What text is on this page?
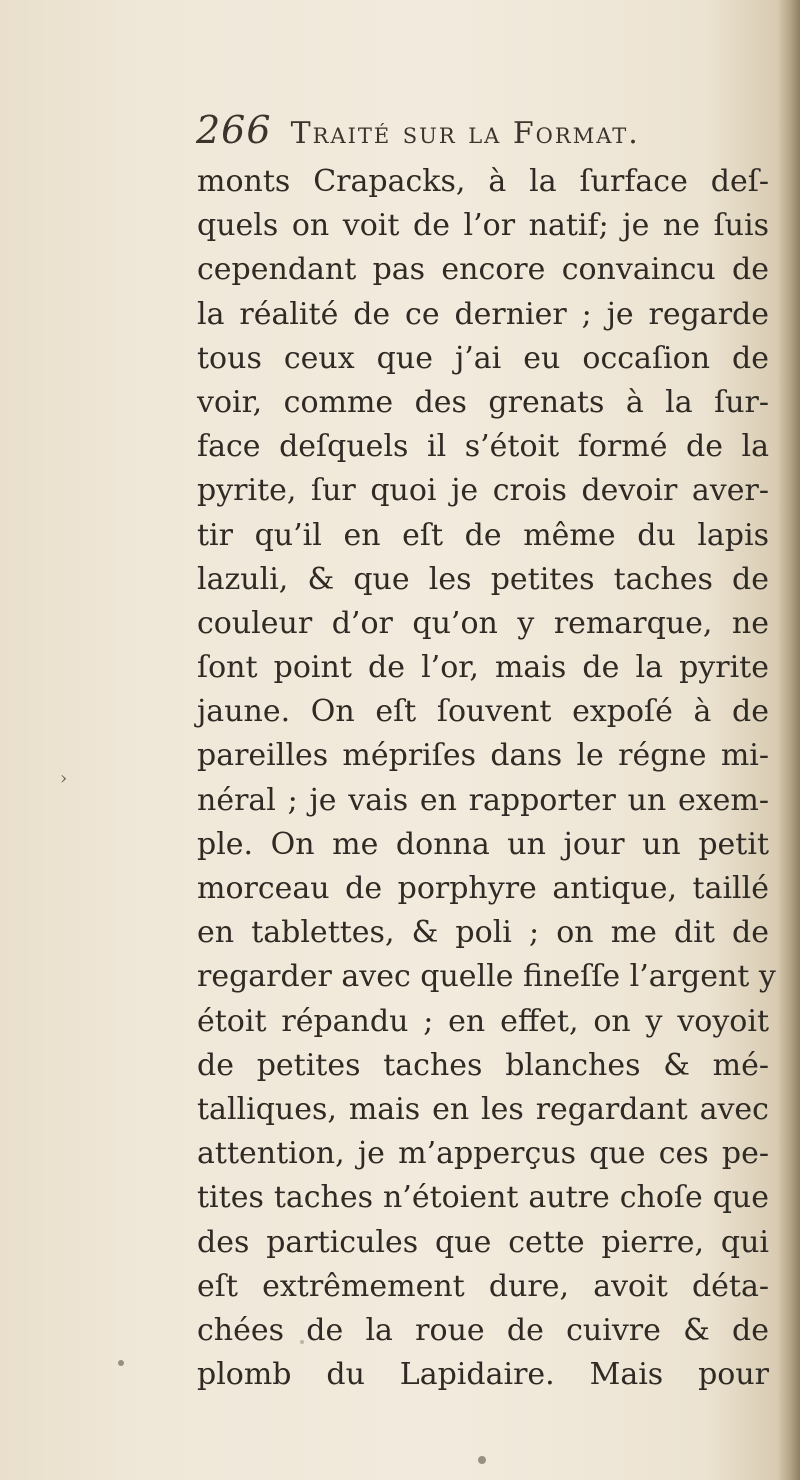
266 Traité sur la Format.
›
monts Crapacks, à la ſurface deſ-
quels on voit de l’or natif; je ne ſuis
cependant pas encore convaincu de
la réalité de ce dernier ; je regarde
tous ceux que j’ai eu occaſion de
voir, comme des grenats à la ſur-
face deſquels il s’étoit formé de la
pyrite, ſur quoi je crois devoir aver-
tir qu’il en eſt de même du lapis
lazuli, & que les petites taches de
couleur d’or qu’on y remarque, ne
ſont point de l’or, mais de la pyrite
jaune. On eſt ſouvent expoſé à de
pareilles mépriſes dans le régne mi-
néral ; je vais en rapporter un exem-
ple. On me donna un jour un petit
morceau de porphyre antique, taillé
en tablettes, & poli ; on me dit de
regarder avec quelle fineſſe l’argent y
étoit répandu ; en effet, on y voyoit
de petites taches blanches & mé-
talliques, mais en les regardant avec
attention, je m’apperçus que ces pe-
tites taches n’étoient autre choſe que
des particules que cette pierre, qui
eſt extrêmement dure, avoit déta-
chées de la roue de cuivre & de
plomb du Lapidaire. Mais pour
